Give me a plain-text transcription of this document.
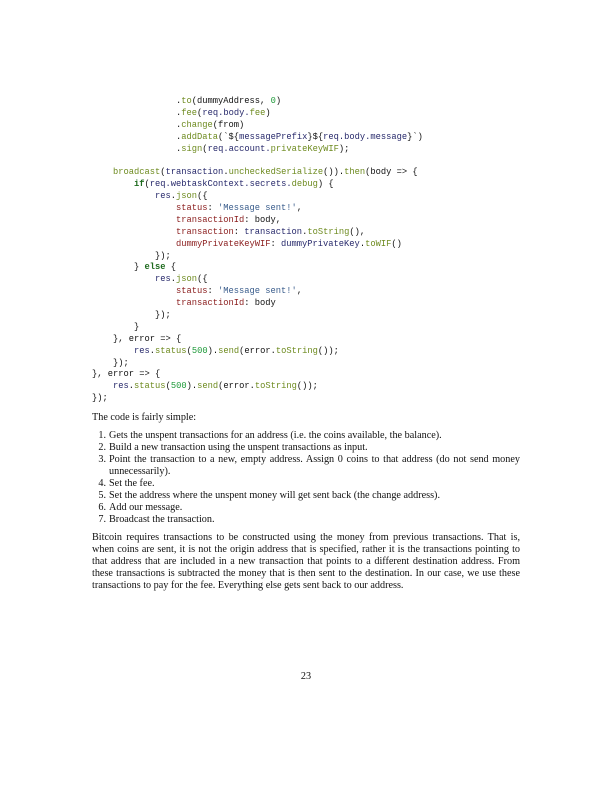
.to(dummyAddress, 0)
.fee(req.body.fee)
.change(from)
.addData(`${messagePrefix}${req.body.message}`)
.sign(req.account.privateKeyWIF);
broadcast(transaction.uncheckedSerialize()).then(body => {
if(req.webtaskContext.secrets.debug) {
res.json({
status: 'Message sent!',
transactionId: body,
transaction: transaction.toString(),
dummyPrivateKeyWIF: dummyPrivateKey.toWIF()
});
} else {
res.json({
status: 'Message sent!',
transactionId: body
});
}
}, error => {
res.status(500).send(error.toString());
});
}, error => {
res.status(500).send(error.toString());
});
The code is fairly simple:
1. Gets the unspent transactions for an address (i.e. the coins available, the balance).
2. Build a new transaction using the unspent transactions as input.
3. Point the transaction to a new, empty address. Assign 0 coins to that address (do not send money unnecessarily).
4. Set the fee.
5. Set the address where the unspent money will get sent back (the change address).
6. Add our message.
7. Broadcast the transaction.
Bitcoin requires transactions to be constructed using the money from previous transactions. That is, when coins are sent, it is not the origin address that is specified, rather it is the transactions pointing to that address that are included in a new transaction that points to a different destination address. From these transactions is subtracted the money that is then sent to the destination. In our case, we use these transactions to pay for the fee. Everything else gets sent back to our address.
23
